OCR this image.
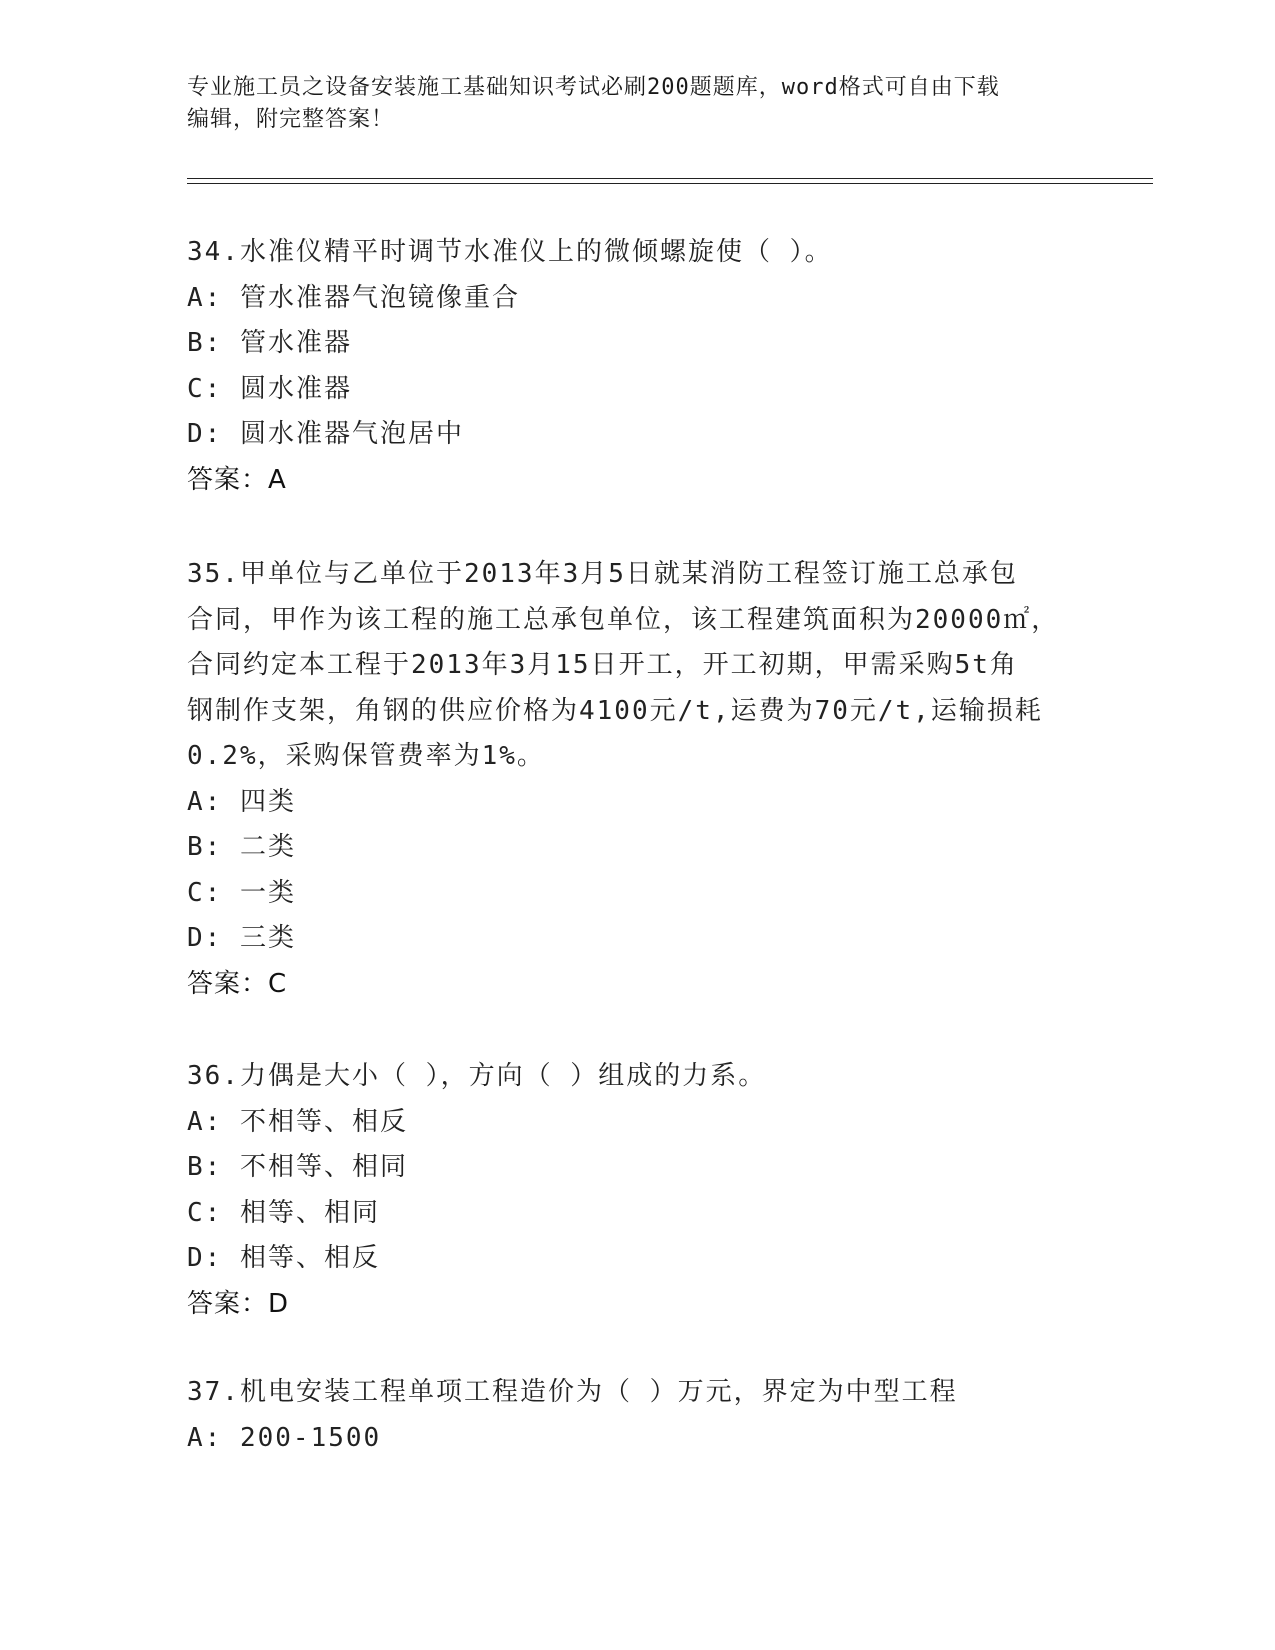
专业施工员之设备安装施工基础知识考试必刷200题题库，word格式可自由下载
编辑，附完整答案！
34.水准仪精平时调节水准仪上的微倾螺旋使（ ）。
A: 管水准器气泡镜像重合
B: 管水准器
C: 圆水准器
D: 圆水准器气泡居中
答案：A
35.甲单位与乙单位于2013年3月5日就某消防工程签订施工总承包
合同，甲作为该工程的施工总承包单位，该工程建筑面积为20000㎡，
合同约定本工程于2013年3月15日开工，开工初期，甲需采购5t角
钢制作支架，角钢的供应价格为4100元/t,运费为70元/t,运输损耗
0.2%，采购保管费率为1%。
A: 四类
B: 二类
C: 一类
D: 三类
答案：C
36.力偶是大小（ ），方向（ ）组成的力系。
A: 不相等、相反
B: 不相等、相同
C: 相等、相同
D: 相等、相反
答案：D
37.机电安装工程单项工程造价为（ ）万元，界定为中型工程
A: 200-1500
